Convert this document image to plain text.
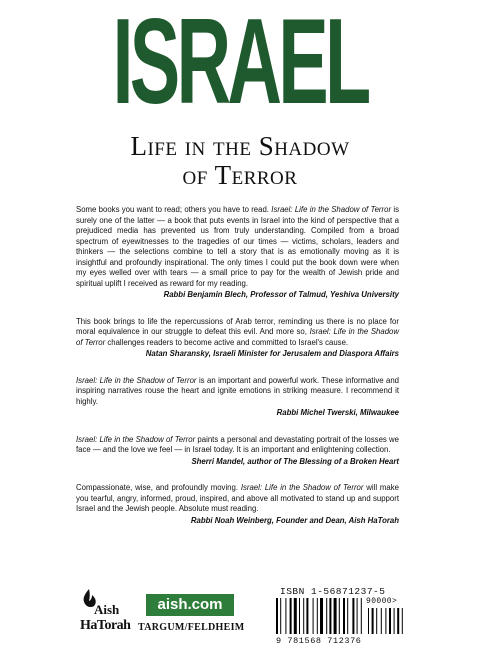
ISRAEL
Life in the Shadow
of Terror

Some books you want to read; others you have to read. Israel: Life in the Shadow of Terror is surely one of the latter — a book that puts events in Israel into the kind of perspective that a prejudiced media has prevented us from truly understanding. Compiled from a broad spectrum of eyewitnesses to the tragedies of our times — victims, scholars, leaders and thinkers — the selections combine to tell a story that is as emotionally moving as it is insightful and profoundly inspirational. The only times I could put the book down were when my eyes welled over with tears — a small price to pay for the wealth of Jewish pride and spiritual uplift I received as reward for my reading.

Rabbi Benjamin Blech, Professor of Talmud, Yeshiva University

This book brings to life the repercussions of Arab terror, reminding us there is no place for moral equivalence in our struggle to defeat this evil. And more so, Israel: Life in the Shadow of Terror challenges readers to become active and committed to Israel's cause.

Natan Sharansky, Israeli Minister for Jerusalem and Diaspora Affairs

Israel: Life in the Shadow of Terror is an important and powerful work. These informative and inspiring narratives rouse the heart and ignite emotions in striking measure. I recommend it highly.

Rabbi Michel Twerski, Milwaukee

Israel: Life in the Shadow of Terror paints a personal and devastating portrait of the losses we face — and the love we feel — in Israel today. It is an important and enlightening collection.

Sherri Mandel, author of The Blessing of a Broken Heart

Compassionate, wise, and profoundly moving. Israel: Life in the Shadow of Terror will make you tearful, angry, informed, proud, inspired, and above all motivated to stand up and support Israel and the Jewish people. Absolute must reading.

Rabbi Noah Weinberg, Founder and Dean, Aish HaTorah
Aish
HaTorah
aish.com
TARGUM/FELDHEIM
ISBN 1-56871237-5
9 781568 712376
90000>
